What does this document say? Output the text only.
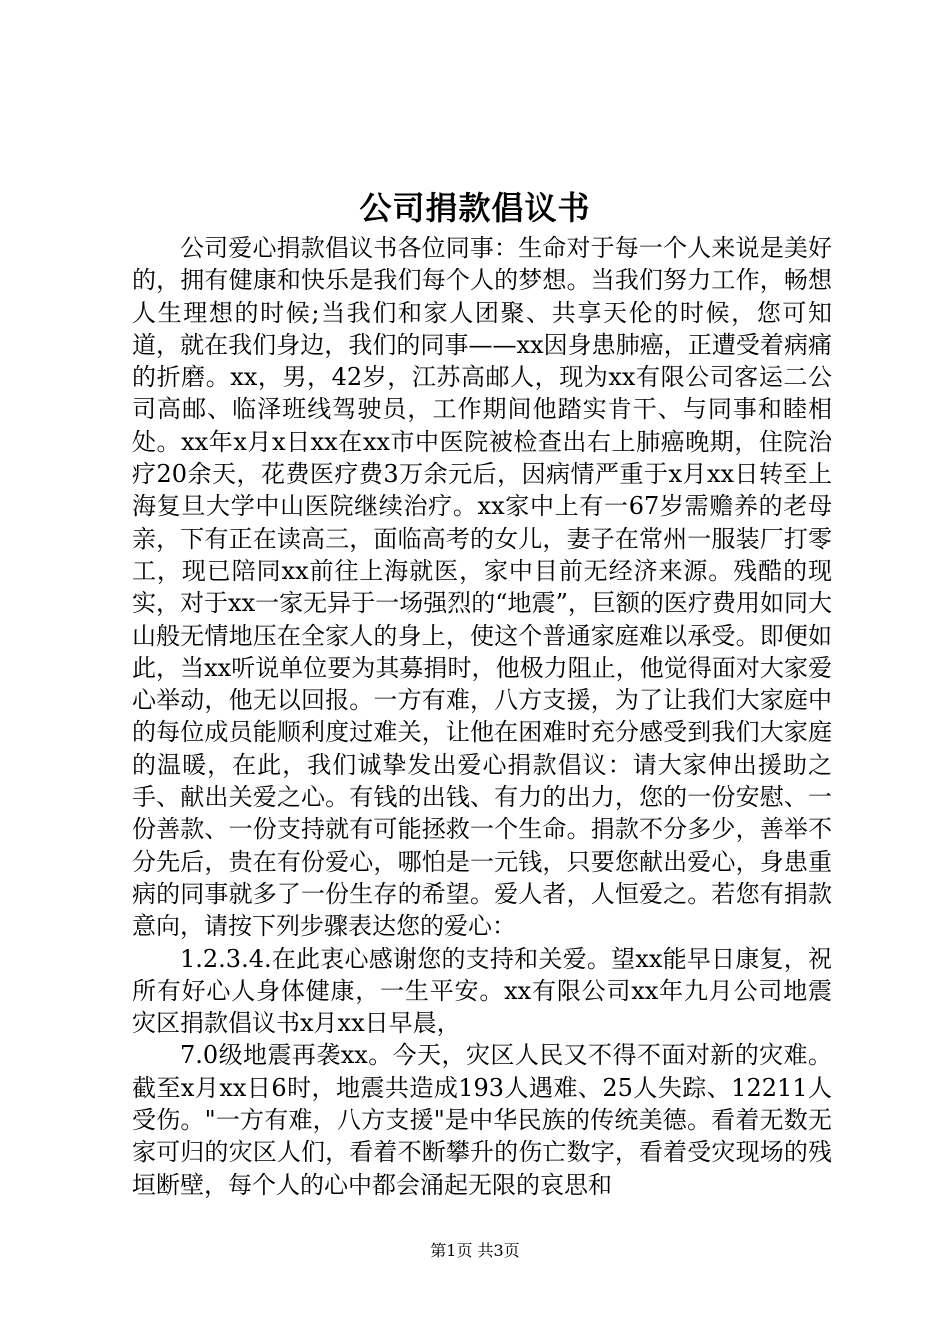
公司捐款倡议书

公司爱心捐款倡议书各位同事：生命对于每一个人来说是美好的，拥有健康和快乐是我们每个人的梦想。当我们努力工作，畅想人生理想的时候;当我们和家人团聚、共享天伦的时候，您可知道，就在我们身边，我们的同事——xx因身患肺癌，正遭受着病痛的折磨。xx，男，42岁，江苏高邮人，现为xx有限公司客运二公司高邮、临泽班线驾驶员，工作期间他踏实肯干、与同事和睦相处。xx年x月x日xx在xx市中医院被检查出右上肺癌晚期，住院治疗20余天，花费医疗费3万余元后，因病情严重于x月xx日转至上海复旦大学中山医院继续治疗。xx家中上有一67岁需赡养的老母亲，下有正在读高三，面临高考的女儿，妻子在常州一服装厂打零工，现已陪同xx前往上海就医，家中目前无经济来源。残酷的现实，对于xx一家无异于一场强烈的“地震”，巨额的医疗费用如同大山般无情地压在全家人的身上，使这个普通家庭难以承受。即便如此，当xx听说单位要为其募捐时，他极力阻止，他觉得面对大家爱心举动，他无以回报。一方有难，八方支援，为了让我们大家庭中的每位成员能顺利度过难关，让他在困难时充分感受到我们大家庭的温暖，在此，我们诚挚发出爱心捐款倡议：请大家伸出援助之手、献出关爱之心。有钱的出钱、有力的出力，您的一份安慰、一份善款、一份支持就有可能拯救一个生命。捐款不分多少，善举不分先后，贵在有份爱心，哪怕是一元钱，只要您献出爱心，身患重病的同事就多了一份生存的希望。爱人者，人恒爱之。若您有捐款意向，请按下列步骤表达您的爱心：

1.2.3.4.在此衷心感谢您的支持和关爱。望xx能早日康复，祝所有好心人身体健康，一生平安。xx有限公司xx年九月公司地震灾区捐款倡议书x月xx日早晨，

7.0级地震再袭xx。今天，灾区人民又不得不面对新的灾难。截至x月xx日6时，地震共造成193人遇难、25人失踪、12211人受伤。"一方有难，八方支援"是中华民族的传统美德。看着无数无家可归的灾区人们，看着不断攀升的伤亡数字，看着受灾现场的残垣断壁，每个人的心中都会涌起无限的哀思和

第1页 共3页
